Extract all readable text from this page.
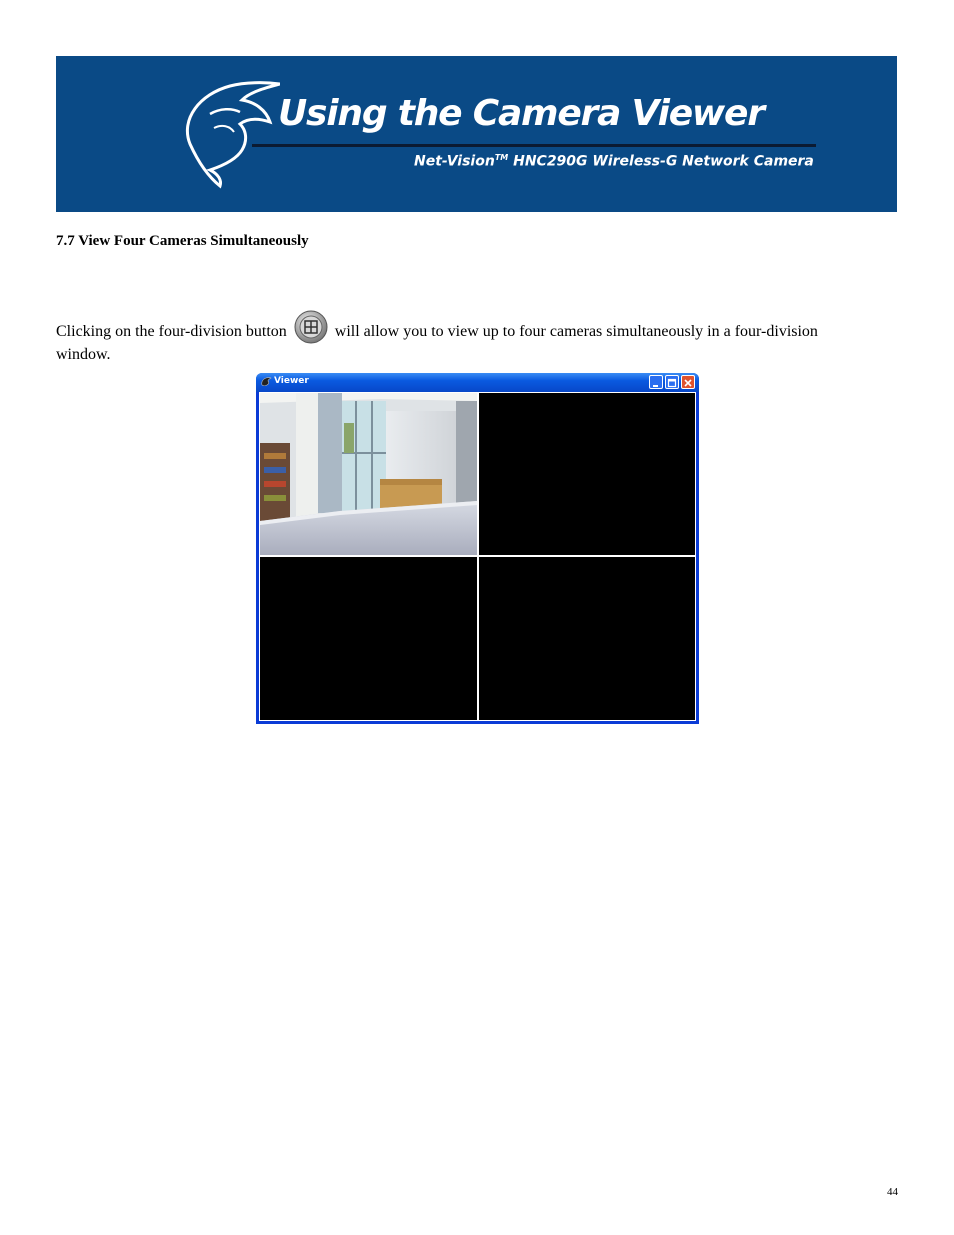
Using the Camera Viewer
Net-Vision™ HNC290G Wireless-G Network Camera
7.7 View Four Cameras Simultaneously
Clicking on the four-division button	will allow you to view up to four cameras simultaneously in a four-division window.
Viewer
44
